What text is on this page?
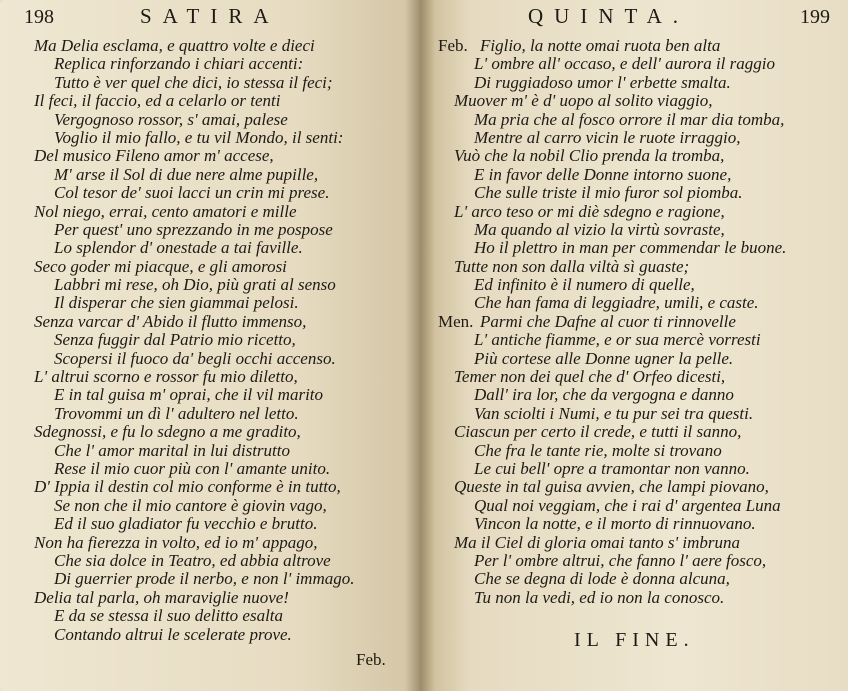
198	SATIRA
Ma Delia esclama, e quattro volte e dieci
Replica rinforzando i chiari accenti:
Tutto è ver quel che dici, io stessa il feci;
Il feci, il faccio, ed a celarlo or tenti
Vergognoso rossor, s' amai, palese
Voglio il mio fallo, e tu vil Mondo, il senti:
Del musico Fileno amor m' accese,
M' arse il Sol di due nere alme pupille,
Col tesor de' suoi lacci un crin mi prese.
Nol niego, errai, cento amatori e mille
Per quest' uno sprezzando in me pospose
Lo splendor d' onestade a tai faville.
Seco goder mi piacque, e gli amorosi
Labbri mi rese, oh Dio, più grati al senso
Il disperar che sien giammai pelosi.
Senza varcar d' Abido il flutto immenso,
Senza fuggir dal Patrio mio ricetto,
Scopersi il fuoco da' begli occhi accenso.
L' altrui scorno e rossor fu mio diletto,
E in tal guisa m' oprai, che il vil marito
Trovommi un dì l' adultero nel letto.
Sdegnossi, e fu lo sdegno a me gradito,
Che l' amor marital in lui distrutto
Rese il mio cuor più con l' amante unito.
D' Ippia il destin col mio conforme è in tutto,
Se non che il mio cantore è giovin vago,
Ed il suo gladiator fu vecchio e brutto.
Non ha fierezza in volto, ed io m' appago,
Che sia dolce in Teatro, ed abbia altrove
Di guerrier prode il nerbo, e non l' immago.
Delia tal parla, oh maraviglie nuove!
E da se stessa il suo delitto esalta
Contando altrui le scelerate prove.
Feb.
QUINTA.	199
Feb. Figlio, la notte omai ruota ben alta
L' ombre all' occaso, e dell' aurora il raggio
Di ruggiadoso umor l' erbette smalta.
Muover m' è d' uopo al solito viaggio,
Ma pria che al fosco orrore il mar dia tomba,
Mentre al carro vicin le ruote irraggio,
Vuò che la nobil Clio prenda la tromba,
E in favor delle Donne intorno suone,
Che sulle triste il mio furor sol piomba.
L' arco teso or mi diè sdegno e ragione,
Ma quando al vizio la virtù sovraste,
Ho il plettro in man per commendar le buone.
Tutte non son dalla viltà sì guaste;
Ed infinito è il numero di quelle,
Che han fama di leggiadre, umili, e caste.
Men. Parmi che Dafne al cuor ti rinnovelle
L' antiche fiamme, e or sua mercè vorresti
Più cortese alle Donne ugner la pelle.
Temer non dei quel che d' Orfeo dicesti,
Dall' ira lor, che da vergogna e danno
Van sciolti i Numi, e tu pur sei tra questi.
Ciascun per certo il crede, e tutti il sanno,
Che fra le tante rie, molte si trovano
Le cui bell' opre a tramontar non vanno.
Queste in tal guisa avvien, che lampi piovano,
Qual noi veggiam, che i rai d' argentea Luna
Vincon la notte, e il morto di rinnuovano.
Ma il Ciel di gloria omai tanto s' imbruna
Per l' ombre altrui, che fanno l' aere fosco,
Che se degna di lode è donna alcuna,
Tu non la vedi, ed io non la conosco.
IL FINE.
